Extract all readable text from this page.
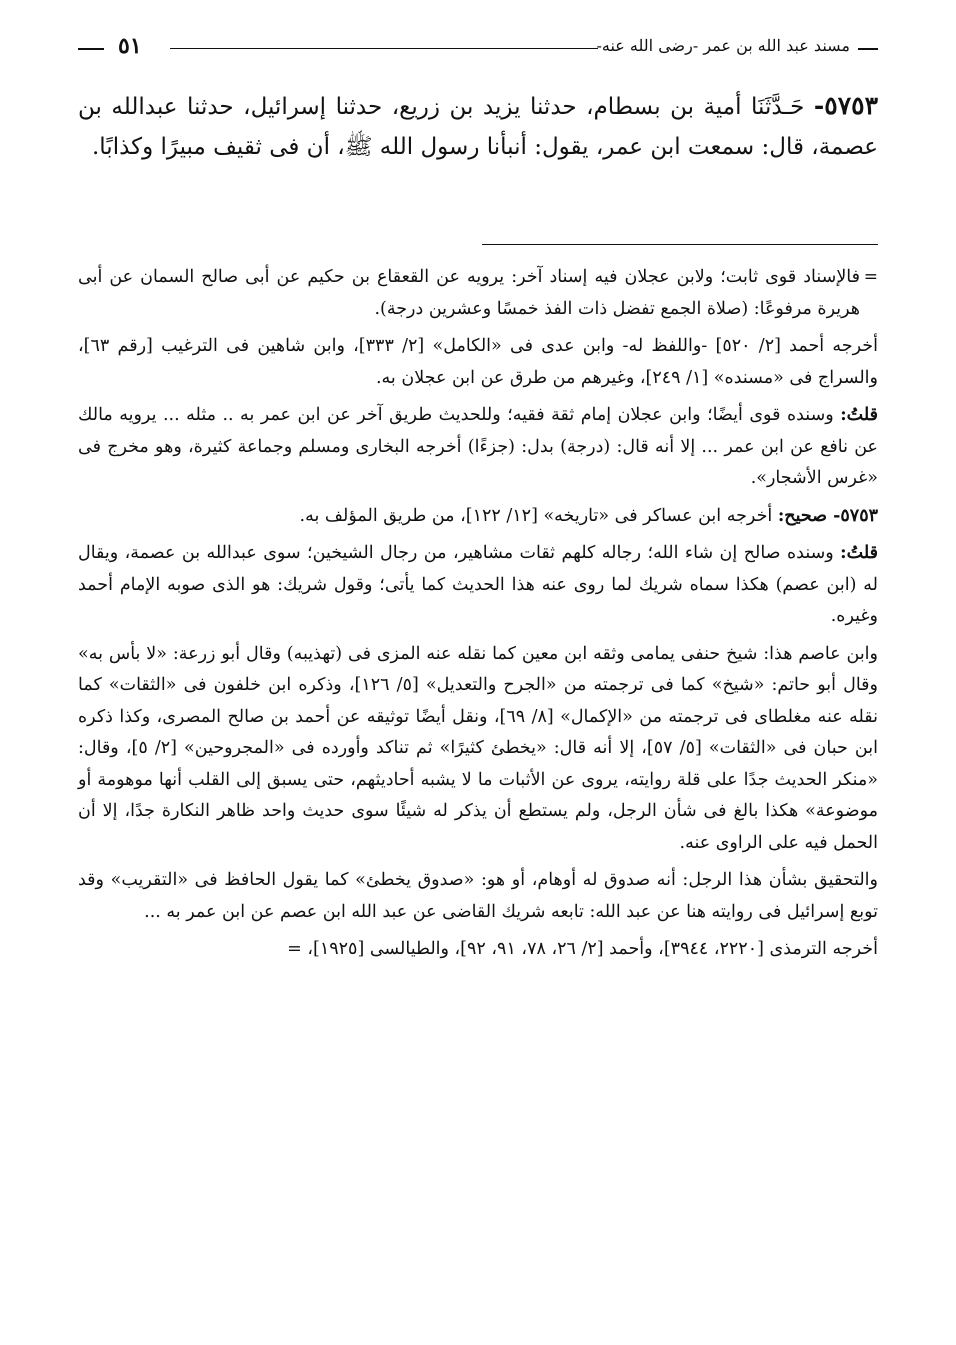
مسند عبد الله بن عمر -رضى الله عنه-
٥١

٥٧٥٣- حَـدَّثَنَا أمية بن بسطام، حدثنا يزيد بن زريع، حدثنا إسرائيل، حدثنا عبدالله بن عصمة، قال: سمعت ابن عمر، يقول: أنبأنا رسول الله ﷺ، أن فى ثقيف مبيرًا وكذابًا.

=
فالإسناد قوى ثابت؛ ولابن عجلان فيه إسناد آخر: يرويه عن القعقاع بن حكيم عن أبى صالح السمان عن أبى هريرة مرفوعًا: (صلاة الجمع تفضل ذات الفذ خمسًا وعشرين درجة).

أخرجه أحمد [٢/ ٥٢٠] -واللفظ له- وابن عدى فى «الكامل» [٢/ ٣٣٣]، وابن شاهين فى الترغيب [رقم ٦٣]، والسراج فى «مسنده» [١/ ٢٤٩]، وغيرهم من طرق عن ابن عجلان به.

قلتُ: وسنده قوى أيضًا؛ وابن عجلان إمام ثقة فقيه؛ وللحديث طريق آخر عن ابن عمر به .. مثله ... يرويه مالك عن نافع عن ابن عمر ... إلا أنه قال: (درجة) بدل: (جزءًا) أخرجه البخارى ومسلم وجماعة كثيرة، وهو مخرج فى «غرس الأشجار».

٥٧٥٣- صحيح: أخرجه ابن عساكر فى «تاريخه» [١٢/ ١٢٢]، من طريق المؤلف به.

قلتُ: وسنده صالح إن شاء الله؛ رجاله كلهم ثقات مشاهير، من رجال الشيخين؛ سوى عبدالله بن عصمة، ويقال له (ابن عصم) هكذا سماه شريك لما روى عنه هذا الحديث كما يأتى؛ وقول شريك: هو الذى صوبه الإمام أحمد وغيره.

وابن عاصم هذا: شيخ حنفى يمامى وثقه ابن معين كما نقله عنه المزى فى (تهذيبه) وقال أبو زرعة: «لا بأس به» وقال أبو حاتم: «شيخ» كما فى ترجمته من «الجرح والتعديل» [٥/ ١٢٦]، وذكره ابن خلفون فى «الثقات» كما نقله عنه مغلطاى فى ترجمته من «الإكمال» [٨/ ٦٩]، ونقل أيضًا توثيقه عن أحمد بن صالح المصرى، وكذا ذكره ابن حبان فى «الثقات» [٥/ ٥٧]، إلا أنه قال: «يخطئ كثيرًا» ثم تناكد وأورده فى «المجروحين» [٢/ ٥]، وقال: «منكر الحديث جدًا على قلة روايته، يروى عن الأثبات ما لا يشبه أحاديثهم، حتى يسبق إلى القلب أنها موهومة أو موضوعة» هكذا بالغ فى شأن الرجل، ولم يستطع أن يذكر له شيئًا سوى حديث واحد ظاهر النكارة جدًا، إلا أن الحمل فيه على الراوى عنه.

والتحقيق بشأن هذا الرجل: أنه صدوق له أوهام، أو هو: «صدوق يخطئ» كما يقول الحافظ فى «التقريب» وقد توبع إسرائيل فى روايته هنا عن عبد الله: تابعه شريك القاضى عن عبد الله ابن عصم عن ابن عمر به ...

أخرجه الترمذى [٢٢٢٠، ٣٩٤٤]، وأحمد [٢/ ٢٦، ٧٨، ٩١، ٩٢]، والطيالسى [١٩٢٥]، =
